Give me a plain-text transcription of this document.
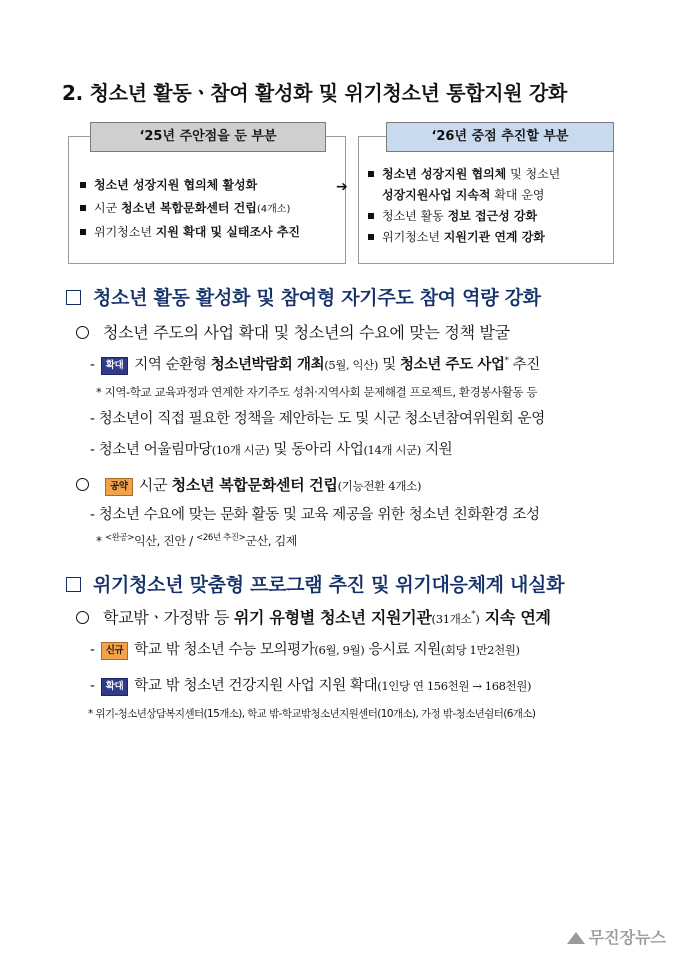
2. 청소년 활동ㆍ참여 활성화 및 위기청소년 통합지원 강화
‘25년 주안점을 둔 부분	‘26년 중점 추진할 부분
➔
청소년 성장지원 협의체 활성화
시군 청소년 복합문화센터 건립(4개소)
위기청소년 지원 확대 및 실태조사 추진
청소년 성장지원 협의체 및 청소년
성장지원사업 지속적 확대 운영
청소년 활동 정보 접근성 강화
위기청소년 지원기관 연계 강화
청소년 활동 활성화 및 참여형 자기주도 참여 역량 강화
청소년 주도의 사업 확대 및 청소년의 수요에 맞는 정책 발굴
- 확대 지역 순환형 청소년박람회 개최(5월, 익산) 및 청소년 주도 사업* 추진
* 지역-학교 교육과정과 연계한 자기주도 성취·지역사회 문제해결 프로젝트, 환경봉사활동 등
- 청소년이 직접 필요한 정책을 제안하는 도 및 시군 청소년참여위원회 운영
- 청소년 어울림마당(10개 시군) 및 동아리 사업(14개 시군) 지원
공약 시군 청소년 복합문화센터 건립(기능전환 4개소)
- 청소년 수요에 맞는 문화 활동 및 교육 제공을 위한 청소년 친화환경 조성
* $^{<완공>}$익산, 진안 / $^{<26년 추진>}$군산, 김제
위기청소년 맞춤형 프로그램 추진 및 위기대응체계 내실화
학교밖ㆍ가정밖 등 위기 유형별 청소년 지원기관(31개소*) 지속 연계
- 신규 학교 밖 청소년 수능 모의평가(6월, 9월) 응시료 지원(회당 1만2천원)
- 확대 학교 밖 청소년 건강지원 사업 지원 확대(1인당 연 156천원 → 168천원)
* 위기-청소년상담복지센터(15개소), 학교 밖-학교밖청소년지원센터(10개소), 가정 밖-청소년쉼터(6개소)
무진장뉴스
